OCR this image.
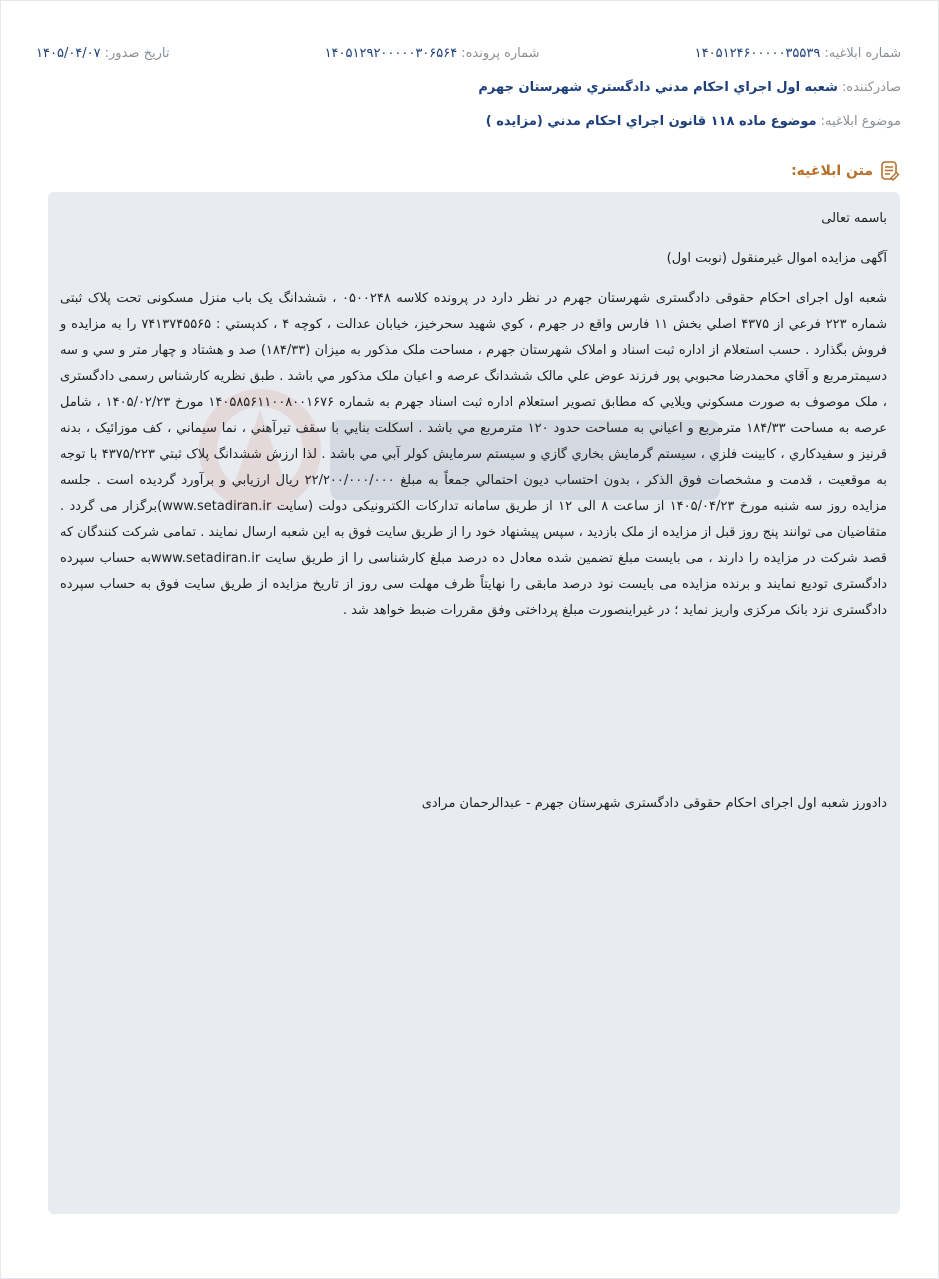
شماره ابلاغیه:
۱۴۰۵۱۲۴۶۰۰۰۰۰۳۵۵۳۹
شماره پرونده:
۱۴۰۵۱۲۹۲۰۰۰۰۰۳۰۶۵۶۴
تاریخ صدور:
۱۴۰۵/۰۴/۰۷
صادرکننده:
شعبه اول اجراي احکام مدني دادگستري شهرستان جهرم
موضوع ابلاغیه:
موضوع ماده ۱۱۸ قانون اجراي احکام مدني (مزايده )
متن ابلاغیه:

باسمه تعالی

آگهی مزایده اموال غیرمنقول (نوبت اول)

شعبه اول اجرای احکام حقوقی دادگستری شهرستان جهرم در نظر دارد در پرونده کلاسه ۰۵۰۰۲۴۸ ، ششدانگ یک باب منزل مسکونی تحت پلاک ثبتی شماره ۲۲۳ فرعي از ۴۳۷۵ اصلي بخش ۱۱ فارس واقع در جهرم ، کوي شهيد سحرخيز، خيابان عدالت ، کوچه ۴ ، کدپستي : ۷۴۱۳۷۴۵۵۶۵ را به مزايده و فروش بگذارد . حسب استعلام از اداره ثبت اسناد و املاک شهرستان جهرم ، مساحت ملک مذکور به ميزان (۱۸۴/۳۳) صد و هشتاد و چهار متر و سي و سه دسيمترمربع و آقاي محمدرضا محبوبي پور فرزند عوض علي مالک ششدانگ عرصه و اعيان ملک مذکور مي باشد . طبق نظريه کارشناس رسمی دادگستری ، ملک موصوف به صورت مسکوني ويلايي که مطابق تصوير استعلام اداره ثبت اسناد جهرم به شماره ۱۴۰۵۸۵۶۱۱۰۰۸۰۰۱۶۷۶ مورخ ۱۴۰۵/۰۲/۲۳ ، شامل عرصه به مساحت ۱۸۴/۳۳ مترمربع و اعياني به مساحت حدود ۱۲۰ مترمربع مي باشد . اسکلت بنايي با سقف تيرآهني ، نما سيماني ، کف موزائيک ، بدنه قرنيز و سفيدکاري ، کابينت فلزي ، سيستم گرمايش بخاري گازي و سيستم سرمايش کولر آبي مي باشد . لذا ارزش ششدانگ پلاک ثبتي ۴۳۷۵/۲۲۳ با توجه به موقعيت ، قدمت و مشخصات فوق الذکر ، بدون احتساب ديون احتمالي جمعاً به مبلغ ۲۲/۲۰۰/۰۰۰/۰۰۰ ريال ارزيابي و برآورد گرديده است . جلسه مزايده روز سه شنبه مورخ ۱۴۰۵/۰۴/۲۳ از ساعت ۸ الی ۱۲ از طريق سامانه تدارکات الکترونیکی دولت (سایت www.setadiran.ir)برگزار می گردد . متقاضیان می توانند پنج روز قبل از مزایده از ملک بازدید ، سپس پیشنهاد خود را از طریق سایت فوق به این شعبه ارسال نمایند . تمامی شرکت کنندگان که قصد شرکت در مزایده را دارند ، می بایست مبلغ تضمین شده معادل ده درصد مبلغ کارشناسی را از طریق سایت www.setadiran.irبه حساب سپرده دادگستری توديع نمايند و برنده مزايده می بايست نود درصد مابقی را نهایتاً ظرف مهلت سی روز از تاريخ مزايده از طريق سایت فوق به حساب سپرده دادگستری نزد بانک مرکزی واریز نماید ؛ در غیراینصورت مبلغ پرداختی وفق مقررات ضبط خواهد شد .

دادورز شعبه اول اجرای احکام حقوقی دادگستری شهرستان جهرم - عبدالرحمان مرادی
